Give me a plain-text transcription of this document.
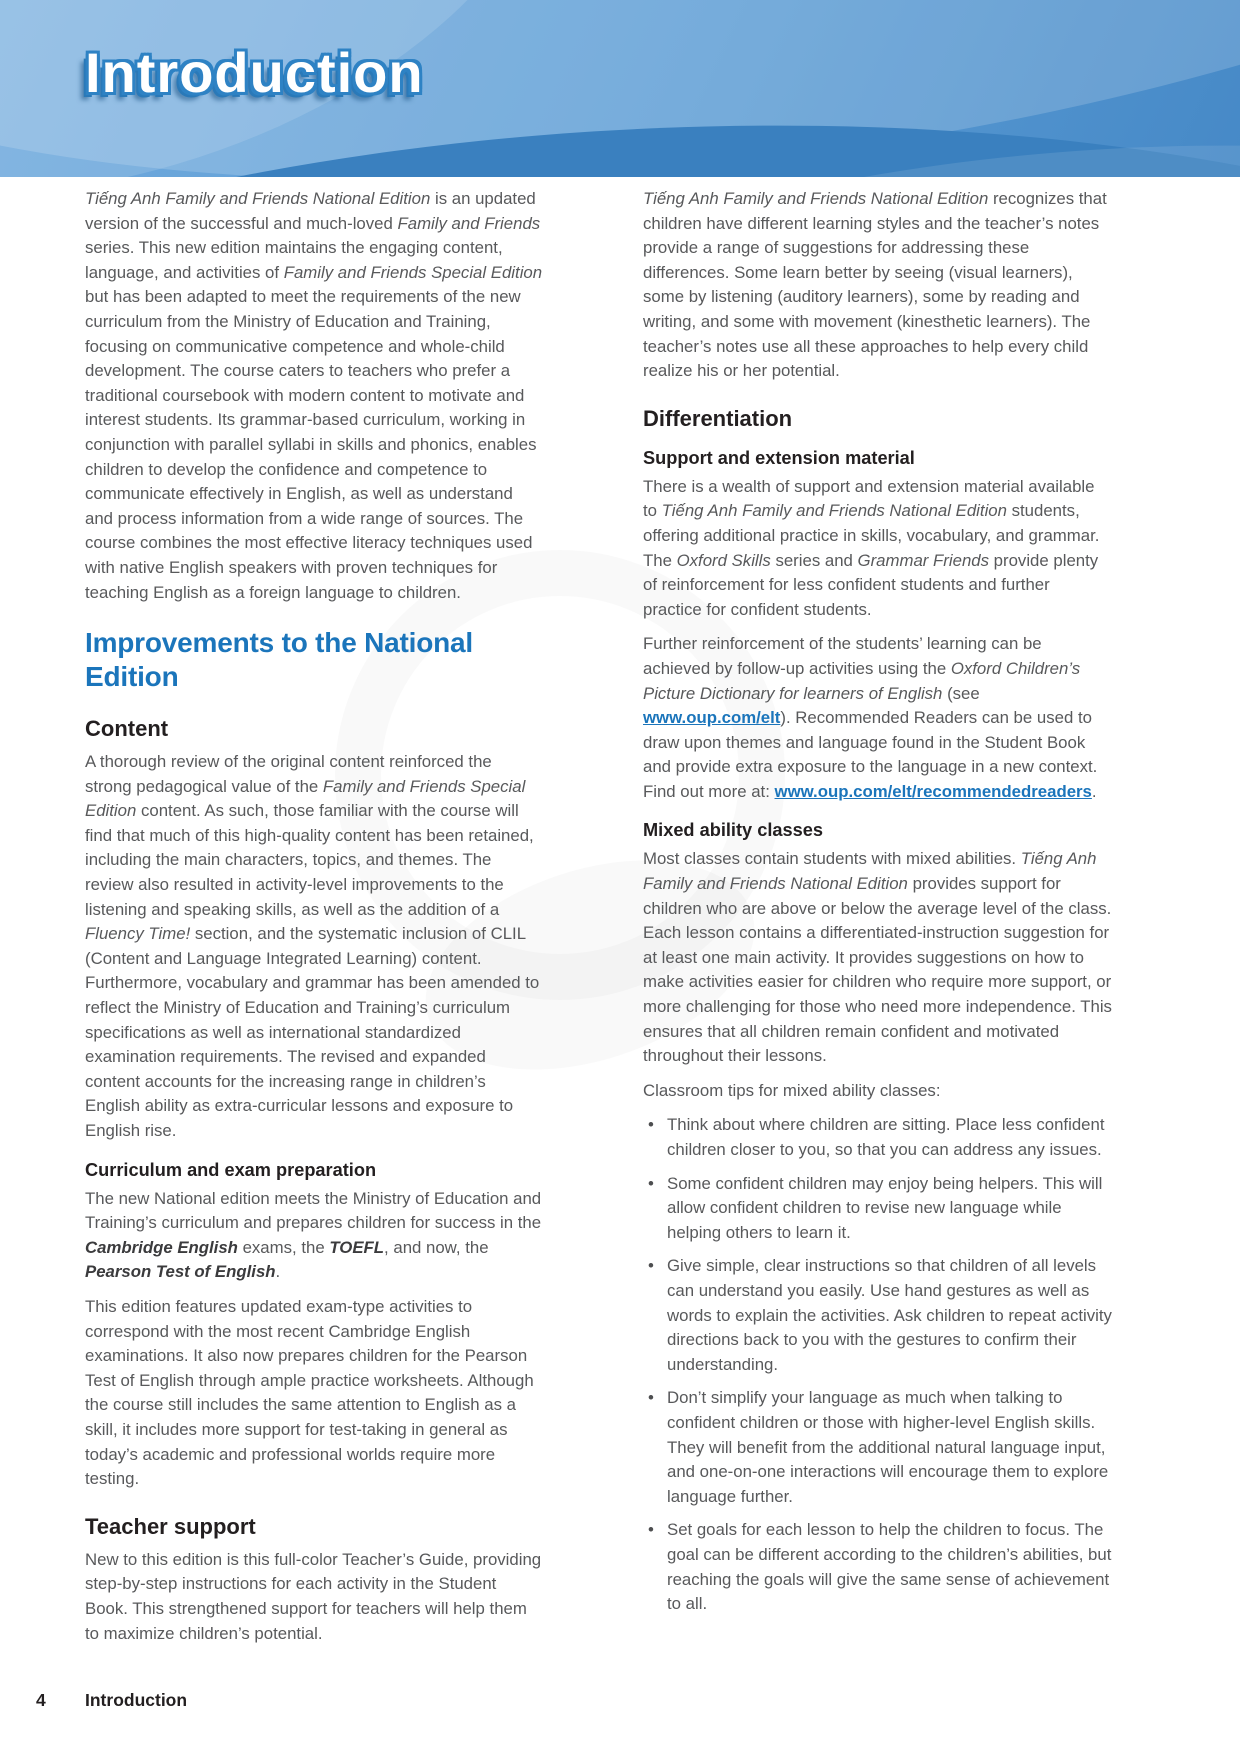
Introduction

Tiếng Anh Family and Friends National Edition is an updated version of the successful and much-loved Family and Friends series. This new edition maintains the engaging content, language, and activities of Family and Friends Special Edition but has been adapted to meet the requirements of the new curriculum from the Ministry of Education and Training, focusing on communicative competence and whole-child development. The course caters to teachers who prefer a traditional coursebook with modern content to motivate and interest students. Its grammar-based curriculum, working in conjunction with parallel syllabi in skills and phonics, enables children to develop the confidence and competence to communicate effectively in English, as well as understand and process information from a wide range of sources. The course combines the most effective literacy techniques used with native English speakers with proven techniques for teaching English as a foreign language to children.

Improvements to the National Edition
Content

A thorough review of the original content reinforced the strong pedagogical value of the Family and Friends Special Edition content. As such, those familiar with the course will find that much of this high-quality content has been retained, including the main characters, topics, and themes. The review also resulted in activity-level improvements to the listening and speaking skills, as well as the addition of a Fluency Time! section, and the systematic inclusion of CLIL (Content and Language Integrated Learning) content. Furthermore, vocabulary and grammar has been amended to reflect the Ministry of Education and Training’s curriculum specifications as well as international standardized examination requirements. The revised and expanded content accounts for the increasing range in children’s English ability as extra-curricular lessons and exposure to English rise.

Curriculum and exam preparation

The new National edition meets the Ministry of Education and Training’s curriculum and prepares children for success in the Cambridge English exams, the TOEFL, and now, the Pearson Test of English.

This edition features updated exam-type activities to correspond with the most recent Cambridge English examinations. It also now prepares children for the Pearson Test of English through ample practice worksheets. Although the course still includes the same attention to English as a skill, it includes more support for test-taking in general as today’s academic and professional worlds require more testing.

Teacher support

New to this edition is this full-color Teacher’s Guide, providing step-by-step instructions for each activity in the Student Book. This strengthened support for teachers will help them to maximize children’s potential.

Tiếng Anh Family and Friends National Edition recognizes that children have different learning styles and the teacher’s notes provide a range of suggestions for addressing these differences. Some learn better by seeing (visual learners), some by listening (auditory learners), some by reading and writing, and some with movement (kinesthetic learners). The teacher’s notes use all these approaches to help every child realize his or her potential.

Differentiation
Support and extension material

There is a wealth of support and extension material available to Tiếng Anh Family and Friends National Edition students, offering additional practice in skills, vocabulary, and grammar. The Oxford Skills series and Grammar Friends provide plenty of reinforcement for less confident students and further practice for confident students.

Further reinforcement of the students’ learning can be achieved by follow-up activities using the Oxford Children’s Picture Dictionary for learners of English (see www.oup.com/elt). Recommended Readers can be used to draw upon themes and language found in the Student Book and provide extra exposure to the language in a new context. Find out more at: www.oup.com/elt/recommendedreaders.

Mixed ability classes

Most classes contain students with mixed abilities. Tiếng Anh Family and Friends National Edition provides support for children who are above or below the average level of the class. Each lesson contains a differentiated-instruction suggestion for at least one main activity. It provides suggestions on how to make activities easier for children who require more support, or more challenging for those who need more independence. This ensures that all children remain confident and motivated throughout their lessons.

Classroom tips for mixed ability classes:

• Think about where children are sitting. Place less confident children closer to you, so that you can address any issues.
• Some confident children may enjoy being helpers. This will allow confident children to revise new language while helping others to learn it.
• Give simple, clear instructions so that children of all levels can understand you easily. Use hand gestures as well as words to explain the activities. Ask children to repeat activity directions back to you with the gestures to confirm their understanding.
• Don’t simplify your language as much when talking to confident children or those with higher-level English skills. They will benefit from the additional natural language input, and one-on-one interactions will encourage them to explore language further.
• Set goals for each lesson to help the children to focus. The goal can be different according to the children’s abilities, but reaching the goals will give the same sense of achievement to all.
4 Introduction
